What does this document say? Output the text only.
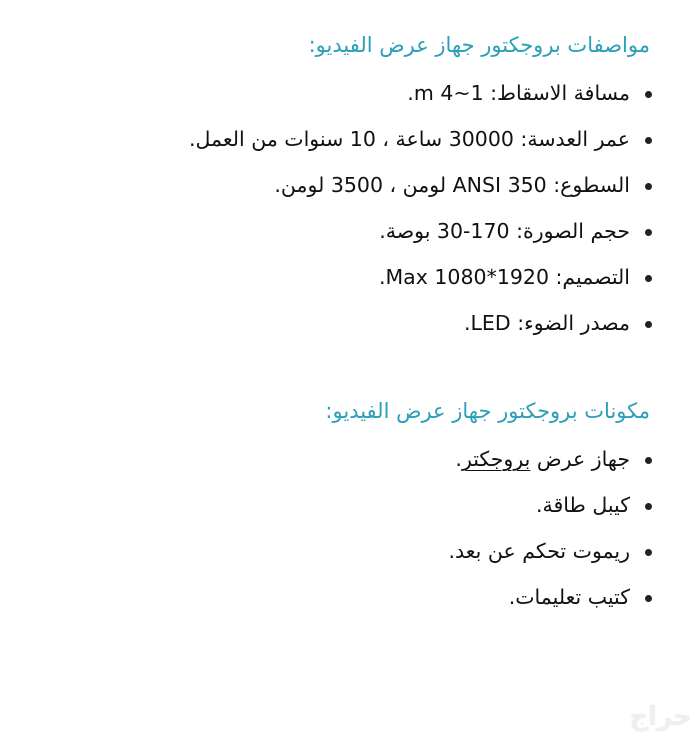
مواصفات بروجكتور جهاز عرض الفيديو:
مسافة الاسقاط: 1~4 m.
عمر العدسة: 30000 ساعة ، 10 سنوات من العمل.
السطوع: 350 ANSI لومن ، 3500 لومن.
حجم الصورة: 170-30 بوصة.
التصميم: 1920*1080 Max.
مصدر الضوء: LED.
مكونات بروجكتور جهاز عرض الفيديو:
جهاز عرض بروجكتر.
كيبل طاقة.
ريموت تحكم عن بعد.
كتيب تعليمات.
حراج
